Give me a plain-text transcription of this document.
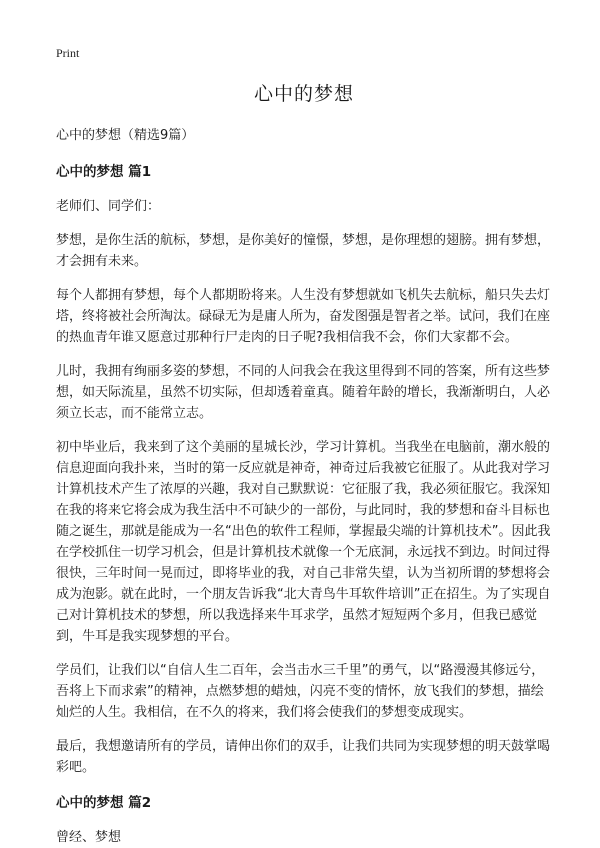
Print
心中的梦想
心中的梦想（精选9篇）
心中的梦想 篇1

老师们、同学们：

梦想，是你生活的航标，梦想，是你美好的憧憬，梦想，是你理想的翅膀。拥有梦想，才会拥有未来。

每个人都拥有梦想，每个人都期盼将来。人生没有梦想就如飞机失去航标，船只失去灯塔，终将被社会所淘汰。碌碌无为是庸人所为，奋发图强是智者之举。试问，我们在座的热血青年谁又愿意过那种行尸走肉的日子呢?我相信我不会，你们大家都不会。

儿时，我拥有绚丽多姿的梦想，不同的人问我会在我这里得到不同的答案，所有这些梦想，如天际流星，虽然不切实际，但却透着童真。随着年龄的增长，我渐渐明白，人必须立长志，而不能常立志。

初中毕业后，我来到了这个美丽的星城长沙，学习计算机。当我坐在电脑前，潮水般的信息迎面向我扑来，当时的第一反应就是神奇，神奇过后我被它征服了。从此我对学习计算机技术产生了浓厚的兴趣，我对自己默默说：它征服了我，我必须征服它。我深知在我的将来它将会成为我生活中不可缺少的一部份，与此同时，我的梦想和奋斗目标也随之诞生，那就是能成为一名“出色的软件工程师，掌握最尖端的计算机技术”。因此我在学校抓住一切学习机会，但是计算机技术就像一个无底洞，永远找不到边。时间过得很快，三年时间一晃而过，即将毕业的我，对自己非常失望，认为当初所谓的梦想将会成为泡影。就在此时，一个朋友告诉我“北大青鸟牛耳软件培训”正在招生。为了实现自己对计算机技术的梦想，所以我选择来牛耳求学，虽然才短短两个多月，但我已感觉到，牛耳是我实现梦想的平台。

学员们，让我们以“自信人生二百年，会当击水三千里”的勇气，以“路漫漫其修远兮，吾将上下而求索”的精神，点燃梦想的蜡烛，闪亮不变的情怀，放飞我们的梦想，描绘灿烂的人生。我相信，在不久的将来，我们将会使我们的梦想变成现实。

最后，我想邀请所有的学员，请伸出你们的双手，让我们共同为实现梦想的明天鼓掌喝彩吧。

心中的梦想 篇2

曾经、梦想
